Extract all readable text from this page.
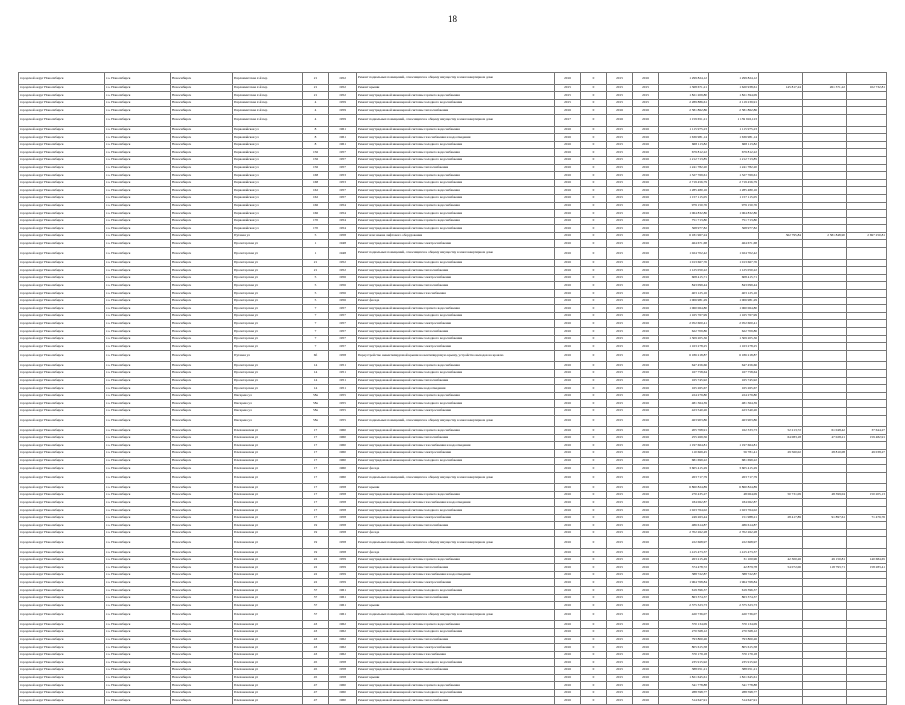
18
городской округ Новосибирск	г.о. Новосибирск	Новосибирск	Парламентская 2-й пер	21	1952	Ремонт подвальных помещений, относящихся к общему имуществу в многоквартирном доме	2016	0	2015	2016	1 299 824,12	1 299 824,12			
городской округ Новосибирск	г.о. Новосибирск	Новосибирск	Парламентская 2-й пер	21	1952	Ремонт крыши	2015	0	2015	2015	1 368 671,21	1 620 938,61	145 817,24	261 371,22	102 732,81
городской округ Новосибирск	г.о. Новосибирск	Новосибирск	Парламентская 2-й пер	21	1952	Ремонт внутридомовой инженерной системы горячего водоснабжения	2015	0	2015	2015	1 821 209,80	1 821 394,09			
городской округ Новосибирск	г.о. Новосибирск	Новосибирск	Парламентская 2-й пер	4	1959	Ремонт внутридомовой инженерной системы холодного водоснабжения	2015	0	2015	2015	2 289 886,61	2 119 239,91			
городской округ Новосибирск	г.о. Новосибирск	Новосибирск	Парламентская 2-й пер	4	1959	Ремонт внутридомовой инженерной системы теплоснабжения	2016	0	2016	2016	2 581 862,86	2 581 862,86			
городской округ Новосибирск	г.о. Новосибирск	Новосибирск	Парламентская 2-й пер	4	1959	Ремонт подвальных помещений, относящихся к общему имуществу в многоквартирном доме	2017	0	2016	2016	1 159 651,21	1 159 916,123			
городской округ Новосибирск	г.о. Новосибирск	Новосибирск	Первомайская ул	8	1961	Ремонт внутридомовой инженерной системы горячего водоснабжения	2016	0	2015	2016	1 115 975,23	1 115 975,23			
городской округ Новосибирск	г.о. Новосибирск	Новосибирск	Первомайская ул	8	1961	Ремонт внутридомовой инженерной системы газоснабжения и водоотведения	2016	0	2015	2016	1 636 981,14	1 636 981,14			
городской округ Новосибирск	г.о. Новосибирск	Новосибирск	Первомайская ул	8	1961	Ремонт внутридомовой инженерной системы холодного водоснабжения	2016	0	2015	2016	668 113,82	668 113,82			
городской округ Новосибирск	г.о. Новосибирск	Новосибирск	Первомайская ул	156	1957	Ремонт внутридомовой инженерной системы горячего водоснабжения	2016	0	2015	2016	679 812,22	679 812,22			
городской округ Новосибирск	г.о. Новосибирск	Новосибирск	Первомайская ул	156	1957	Ремонт внутридомовой инженерной системы холодного водоснабжения	2016	0	2015	2016	1 212 713,85	1 212 713,85			
городской округ Новосибирск	г.о. Новосибирск	Новосибирск	Первомайская ул	156	1957	Ремонт внутридомовой инженерной системы теплоснабжения	2016	0	2015	2016	1 241 782,20	1 241 782,20			
городской округ Новосибирск	г.о. Новосибирск	Новосибирск	Первомайская ул	168	1953	Ремонт внутридомовой инженерной системы горячего водоснабжения	2016	0	2015	2016	1 327 769,61	1 327 769,61			
городской округ Новосибирск	г.о. Новосибирск	Новосибирск	Первомайская ул	168	1953	Ремонт внутридомовой инженерной системы холодного водоснабжения	2016	0	2015	2016	2 719 456,79	2 719 456,79			
городской округ Новосибирск	г.о. Новосибирск	Новосибирск	Первомайская ул	162	1957	Ремонт внутридомовой инженерной системы горячего водоснабжения	2016	0	2015	2016	1 285 480,16	1 285 480,16			
городской округ Новосибирск	г.о. Новосибирск	Новосибирск	Первомайская ул	162	1957	Ремонт внутридомовой инженерной системы холодного водоснабжения	2016	0	2015	2016	1 157 115,05	1 157 115,05			
городской округ Новосибирск	г.о. Новосибирск	Новосибирск	Первомайская ул	166	1954	Ремонт внутридомовой инженерной системы горячего водоснабжения	2016	0	2015	2016	979 150,76	979 150,76			
городской округ Новосибирск	г.о. Новосибирск	Новосибирск	Первомайская ул	166	1954	Ремонт внутридомовой инженерной системы холодного водоснабжения	2016	0	2015	2016	1 064 832,86	1 064 832,86			
городской округ Новосибирск	г.о. Новосибирск	Новосибирск	Первомайская ул	170	1954	Ремонт внутридомовой инженерной системы горячего водоснабжения	2016	0	2015	2016	751 713,80	751 713,80			
городской округ Новосибирск	г.о. Новосибирск	Новосибирск	Первомайская ул	170	1954	Ремонт внутридомовой инженерной системы холодного водоснабжения	2016	0	2015	2016	568 977,82	568 977,82			
городской округ Новосибирск	г.о. Новосибирск	Новосибирск	Путевая ул	5	1958	Ремонт или замена лифтового оборудования	2016	0	2015	2016	6 181 967,24		362 795,84	2 581 848,90	2 697 250,81
городской округ Новосибирск	г.о. Новосибирск	Новосибирск	Пролетарская ул	1	1948	Ремонт внутридомовой инженерной системы электроснабжения	2016	0	2015	2016	464 671,68	464 671,68			
городской округ Новосибирск	г.о. Новосибирск	Новосибирск	Пролетарская ул	1	1948	Ремонт подвальных помещений, относящихся к общему имуществу в многоквартирном доме	2016	0	2015	2016	1 024 702,42	1 024 702,42			
городской округ Новосибирск	г.о. Новосибирск	Новосибирск	Пролетарская ул	21	1952	Ремонт внутридомовой инженерной системы холодного водоснабжения	2016	0	2015	2016	1 013 667,76	1 013 667,76			
городской округ Новосибирск	г.о. Новосибирск	Новосибирск	Пролетарская ул	21	1952	Ремонт внутридомовой инженерной системы теплоснабжения	2016	0	2015	2016	1 125 050,22	1 125 050,22			
городской округ Новосибирск	г.о. Новосибирск	Новосибирск	Пролетарская ул	5	1956	Ремонт внутридомовой инженерной системы электроснабжения	2016	0	2015	2016	608 415,71	608 415,71			
городской округ Новосибирск	г.о. Новосибирск	Новосибирск	Пролетарская ул	5	1956	Ремонт внутридомовой инженерной системы теплоснабжения	2016	0	2015	2016	843 099,44	843 099,44			
городской округ Новосибирск	г.о. Новосибирск	Новосибирск	Пролетарская ул	5	1956	Ремонт внутридомовой инженерной системы газоснабжения	2016	0	2015	2016	403 125,16	403 125,16			
городской округ Новосибирск	г.о. Новосибирск	Новосибирск	Пролетарская ул	5	1956	Ремонт фасада	2016	0	2015	2016	1 006 981,29	1 006 981,29			
городской округ Новосибирск	г.о. Новосибирск	Новосибирск	Пролетарская ул	7	1957	Ремонт внутридомовой инженерной системы горячего водоснабжения	2016	0	2015	2016	1 060 064,80	1 060 064,80			
городской округ Новосибирск	г.о. Новосибирск	Новосибирск	Пролетарская ул	7	1957	Ремонт внутридомовой инженерной системы холодного водоснабжения	2016	0	2015	2016	1 165 767,99	1 165 767,99			
городской округ Новосибирск	г.о. Новосибирск	Новосибирск	Пролетарская ул	7	1957	Ремонт внутридомовой инженерной системы электроснабжения	2016	0	2015	2016	2 052 600,41	2 052 600,41			
городской округ Новосибирск	г.о. Новосибирск	Новосибирск	Пролетарская ул	7	1957	Ремонт внутридомовой инженерной системы теплоснабжения	2016	0	2015	2016	622 709,86	622 709,86			
городской округ Новосибирск	г.о. Новосибирск	Новосибирск	Пролетарская ул	7	1957	Ремонт внутридомовой инженерной системы холодного водоснабжения	2016	0	2015	2016	1 309 205,36	1 309 205,36			
городской округ Новосибирск	г.о. Новосибирск	Новосибирск	Пролетарская ул	7	1957	Ремонт внутридомовой инженерной системы электроснабжения	2016	0	2015	2016	1 163 278,25	1 163 278,25			
городской округ Новосибирск	г.о. Новосибирск	Новосибирск	Путевая ул	6б	1958	Переустройство невентилируемой крыши на вентилируемую крышу, устройство выходов на кровлю	2016	0	2015	2016	6 186 218,87	6 186 218,87			
городской округ Новосибирск	г.о. Новосибирск	Новосибирск	Пролетарская ул	14	1951	Ремонт внутридомовой инженерной системы горячего водоснабжения	2016	0	2015	2016	647 456,66	647 456,66			
городской округ Новосибирск	г.о. Новосибирск	Новосибирск	Пролетарская ул	14	1951	Ремонт внутридомовой инженерной системы холодного водоснабжения	2016	0	2015	2016	167 758,64	167 758,64			
городской округ Новосибирск	г.о. Новосибирск	Новосибирск	Пролетарская ул	14	1951	Ремонт внутридомовой инженерной системы теплоснабжения	2016	0	2015	2016	165 745,92	165 745,92			
городской округ Новосибирск	г.о. Новосибирск	Новосибирск	Пролетарская ул	14	1951	Ремонт внутридомовой инженерной системы водоотведения	2016	0	2015	2016	165 265,67	165 265,67			
городской округ Новосибирск	г.о. Новосибирск	Новосибирск	Писарева ул	58а	1955	Ремонт внутридомовой инженерной системы горячего водоснабжения	2016	0	2015	2016	224 279,80	224 279,80			
городской округ Новосибирск	г.о. Новосибирск	Новосибирск	Писарева ул	58а	1955	Ремонт внутридомовой инженерной системы холодного водоснабжения	2016	0	2015	2016	481 364,39	481 364,39			
городской округ Новосибирск	г.о. Новосибирск	Новосибирск	Писарева ул	58а	1955	Ремонт внутридомовой инженерной системы электроснабжения	2016	0	2015	2016	423 540,26	423 540,26			
городской округ Новосибирск	г.о. Новосибирск	Новосибирск	Писарева ул	58а	1955	Ремонт подвальных помещений, относящихся к общему имуществу в многоквартирном доме	2016	0	2015	2016	463 903,86	463 903,86			
городской округ Новосибирск	г.о. Новосибирск	Новосибирск	Плехановская ул	17	1960	Ремонт внутридомовой инженерной системы горячего водоснабжения	2016	0	2015	2016	205 768,91	162 333,73	52 213,72	61 048,42	37 644,27
городской округ Новосибирск	г.о. Новосибирск	Новосибирск	Плехановская ул	17	1960	Ремонт внутридомовой инженерной системы теплоснабжения	2016	0	2015	2016	255 269,56		64 083,18	47 028,21	159 482,91
городской округ Новосибирск	г.о. Новосибирск	Новосибирск	Плехановская ул	17	1960	Ремонт внутридомовой инженерной системы газоснабжения и водоотведения	2016	0	2015	2016	1 197 664,81	1 197 664,81			
городской округ Новосибирск	г.о. Новосибирск	Новосибирск	Плехановская ул	17	1960	Ремонт внутридомовой инженерной системы электроснабжения	2016	0	2015	2016	110 669,45	56 781,41	29 560,02	28 810,08	49 038,27
городской округ Новосибирск	г.о. Новосибирск	Новосибирск	Плехановская ул	17	1960	Ремонт внутридомовой инженерной системы холодного водоснабжения	2016	0	2015	2016	681 699,22	681 699,22			
городской округ Новосибирск	г.о. Новосибирск	Новосибирск	Плехановская ул	17	1960	Ремонт фасада	2016	0	2015	2016	3 605 415,29	3 605 415,29			
городской округ Новосибирск	г.о. Новосибирск	Новосибирск	Плехановская ул	17	1960	Ремонт подвальных помещений, относящихся к общему имуществу в многоквартирном доме	2016	0	2015	2016	263 717,79	263 717,79			
городской округ Новосибирск	г.о. Новосибирск	Новосибирск	Плехановская ул	17	1958	Ремонт крыши	2016	0	2015	2016	6 860 824,89	6 860 824,89			
городской округ Новосибирск	г.о. Новосибирск	Новосибирск	Плехановская ул	17	1958	Ремонт внутридомовой инженерной системы горячего водоснабжения	2016	0	2015	2016	270 435,27	48 064,09	50 731,09	48 399,04	150 205,13
городской округ Новосибирск	г.о. Новосибирск	Новосибирск	Плехановская ул	17	1958	Ремонт внутридомовой инженерной системы газоснабжения и водоотведения	2016	0	2015	2016	184 062,87	184 062,87			
городской округ Новосибирск	г.о. Новосибирск	Новосибирск	Плехановская ул	17	1958	Ремонт внутридомовой инженерной системы холодного водоснабжения	2016	0	2015	2016	1 023 764,02	1 023 764,02			
городской округ Новосибирск	г.о. Новосибирск	Новосибирск	Плехановская ул	17	1958	Ремонт внутридомовой инженерной системы электроснабжения	2016	0	2015	2016	249 263,44	151 988,21	28 417,89	91 897,61	71 476,76
городской округ Новосибирск	г.о. Новосибирск	Новосибирск	Плехановская ул	19	1958	Ремонт внутридомовой инженерной системы теплоснабжения	2016	0	2015	2016	486 614,87	486 614,87			
городской округ Новосибирск	г.о. Новосибирск	Новосибирск	Плехановская ул	19	1958	Ремонт фасада	2016	0	2015	2016	2 702 262,28	2 702 262,28			
городской округ Новосибирск	г.о. Новосибирск	Новосибирск	Плехановская ул	19	1958	Ремонт подвальных помещений, относящихся к общему имуществу в многоквартирном доме	2016	0	2015	2016	222 668,97	222 668,97			
городской округ Новосибирск	г.о. Новосибирск	Новосибирск	Плехановская ул	19	1958	Ремонт фасада	2016	0	2015	2016	1 415 473,37	1 415 473,37			
городской округ Новосибирск	г.о. Новосибирск	Новосибирск	Плехановская ул	22	1959	Ремонт внутридомовой инженерной системы горячего водоснабжения	2016	0	2015	2016	263 215,49	31 100,96	42 300,26	49 150,81	140 684,65
городской округ Новосибирск	г.о. Новосибирск	Новосибирск	Плехановская ул	22	1959	Ремонт внутридомовой инженерной системы теплоснабжения	2016	0	2015	2016	374 478,72	42 879,78	54 072,06	118 793,71	158 283,41
городской округ Новосибирск	г.о. Новосибирск	Новосибирск	Плехановская ул	22	1959	Ремонт внутридомовой инженерной системы газоснабжения и водоотведения	2016	0	2015	2016	388 722,87	388 722,87			
городской округ Новосибирск	г.о. Новосибирск	Новосибирск	Плехановская ул	22	1959	Ремонт внутридомовой инженерной системы электроснабжения	2016	0	2015	2016	1 964 768,84	1 964 768,84			
городской округ Новосибирск	г.о. Новосибирск	Новосибирск	Плехановская ул	37	1961	Ремонт внутридомовой инженерной системы холодного водоснабжения	2016	0	2015	2016	619 396,37	619 396,37			
городской округ Новосибирск	г.о. Новосибирск	Новосибирск	Плехановская ул	37	1961	Ремонт внутридомовой инженерной системы теплоснабжения	2016	0	2015	2016	863 374,37	863 374,37			
городской округ Новосибирск	г.о. Новосибирск	Новосибирск	Плехановская ул	37	1961	Ремонт крыши	2016	0	2015	2016	2 375 323,73	2 375 323,73			
городской округ Новосибирск	г.о. Новосибирск	Новосибирск	Плехановская ул	37	1961	Ремонт подвальных помещений, относящихся к общему имуществу в многоквартирном доме	2016	0	2015	2016	420 736,07	420 736,07			
городской округ Новосибирск	г.о. Новосибирск	Новосибирск	Плехановская ул	43	1962	Ремонт внутридомовой инженерной системы горячего водоснабжения	2016	0	2015	2016	370 134,09	370 134,09			
городской округ Новосибирск	г.о. Новосибирск	Новосибирск	Плехановская ул	43	1962	Ремонт внутридомовой инженерной системы холодного водоснабжения	2016	0	2015	2016	270 568,12	270 568,12			
городской округ Новосибирск	г.о. Новосибирск	Новосибирск	Плехановская ул	43	1962	Ремонт внутридомовой инженерной системы теплоснабжения	2016	0	2015	2016	793 800,26	793 800,26			
городской округ Новосибирск	г.о. Новосибирск	Новосибирск	Плехановская ул	43	1962	Ремонт внутридомовой инженерной системы электроснабжения	2016	0	2015	2016	805 615,58	805 615,58			
городской округ Новосибирск	г.о. Новосибирск	Новосибирск	Плехановская ул	43	1962	Ремонт внутридомовой инженерной системы газоснабжения	2016	0	2015	2016	370 179,18	370 179,18			
городской округ Новосибирск	г.о. Новосибирск	Новосибирск	Плехановская ул	45	1958	Ремонт внутридомовой инженерной системы холодного водоснабжения	2016	0	2015	2016	235 915,92	235 915,92			
городской округ Новосибирск	г.о. Новосибирск	Новосибирск	Плехановская ул	45	1958	Ремонт внутридомовой инженерной системы теплоснабжения	2016	0	2015	2016	388 051,21	388 051,21			
городской округ Новосибирск	г.о. Новосибирск	Новосибирск	Плехановская ул	45	1958	Ремонт крыши	2016	0	2015	2016	1 821 645,61	1 821 645,61			
городской округ Новосибирск	г.о. Новосибирск	Новосибирск	Плехановская ул	47	1960	Ремонт внутридомовой инженерной системы горячего водоснабжения	2016	0	2015	2016	341 778,88	341 778,88			
городской округ Новосибирск	г.о. Новосибирск	Новосибирск	Плехановская ул	47	1960	Ремонт внутридомовой инженерной системы холодного водоснабжения	2016	0	2015	2016	288 598,77	288 598,77			
городской округ Новосибирск	г.о. Новосибирск	Новосибирск	Плехановская ул	47	1960	Ремонт внутридомовой инженерной системы теплоснабжения	2016	0	2015	2016	514 647,91	514 647,91			
